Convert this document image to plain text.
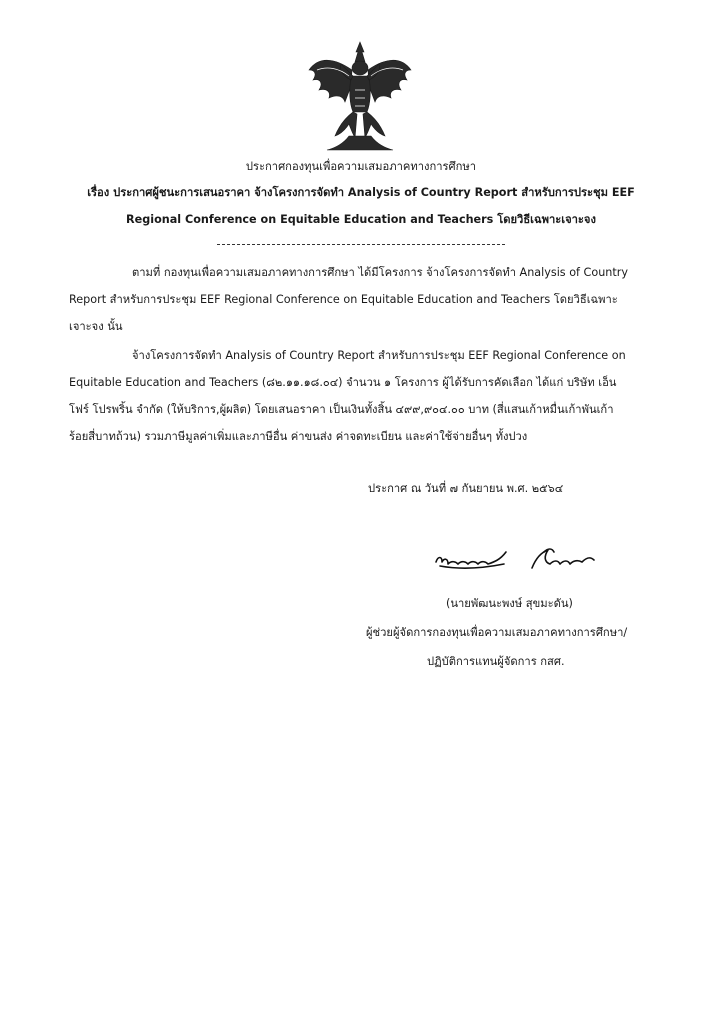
ประกาศกองทุนเพื่อความเสมอภาคทางการศึกษา
เรื่อง ประกาศผู้ชนะการเสนอราคา จ้างโครงการจัดทำ Analysis of Country Report สำหรับการประชุม EEF
Regional Conference on Equitable Education and Teachers โดยวิธีเฉพาะเจาะจง
ตามที่ กองทุนเพื่อความเสมอภาคทางการศึกษา ได้มีโครงการ จ้างโครงการจัดทำ Analysis of Country
Report สำหรับการประชุม EEF Regional Conference on Equitable Education and Teachers โดยวิธีเฉพาะ
เจาะจง นั้น
จ้างโครงการจัดทำ Analysis of Country Report สำหรับการประชุม EEF Regional Conference on
Equitable Education and Teachers (๘๒.๑๑.๑๘.๐๔) จำนวน ๑ โครงการ ผู้ได้รับการคัดเลือก ได้แก่ บริษัท เอ็น
โฟร์ โปรพริ้น จำกัด (ให้บริการ,ผู้ผลิต) โดยเสนอราคา เป็นเงินทั้งสิ้น ๔๙๙,๙๐๔.๐๐ บาท (สี่แสนเก้าหมื่นเก้าพันเก้า
ร้อยสี่บาทถ้วน) รวมภาษีมูลค่าเพิ่มและภาษีอื่น ค่าขนส่ง ค่าจดทะเบียน และค่าใช้จ่ายอื่นๆ ทั้งปวง
ประกาศ ณ วันที่ ๗ กันยายน พ.ศ. ๒๕๖๔
(นายพัฒนะพงษ์ สุขมะดัน)
ผู้ช่วยผู้จัดการกองทุนเพื่อความเสมอภาคทางการศึกษา/
ปฏิบัติการแทนผู้จัดการ กสศ.
